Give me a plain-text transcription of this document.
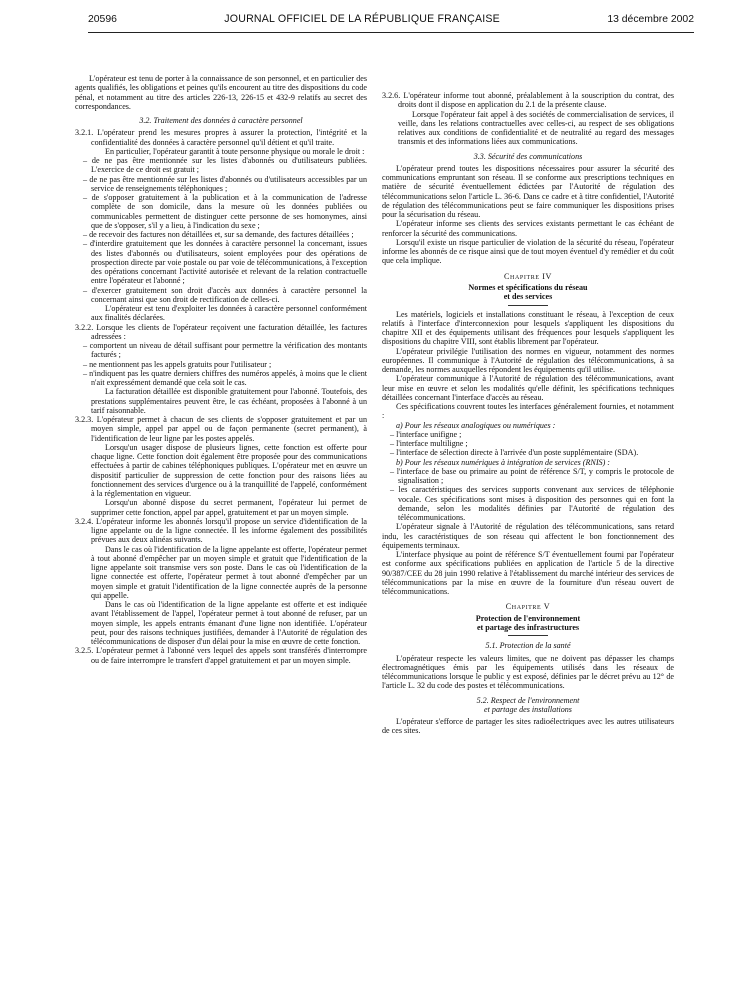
20596	JOURNAL OFFICIEL DE LA RÉPUBLIQUE FRANÇAISE	13 décembre 2002

L'opérateur est tenu de porter à la connaissance de son personnel, et en particulier des agents qualifiés, les obligations et peines qu'ils encourent au titre des dispositions du code pénal, et notamment au titre des articles 226-13, 226-15 et 432-9 relatifs au secret des correspondances.

3.2. Traitement des données à caractère personnel

3.2.1. L'opérateur prend les mesures propres à assurer la protection, l'intégrité et la confidentialité des données à caractère personnel qu'il détient et qu'il traite.

En particulier, l'opérateur garantit à toute personne physique ou morale le droit :

– de ne pas être mentionnée sur les listes d'abonnés ou d'utilisateurs publiées. L'exercice de ce droit est gratuit ;

– de ne pas être mentionnée sur les listes d'abonnés ou d'utilisateurs accessibles par un service de renseignements téléphoniques ;

– de s'opposer gratuitement à la publication et à la communication de l'adresse complète de son domicile, dans la mesure où les données publiées ou communicables permettent de distinguer cette personne de ses homonymes, ainsi que de s'opposer, s'il y a lieu, à l'indication du sexe ;

– de recevoir des factures non détaillées et, sur sa demande, des factures détaillées ;

– d'interdire gratuitement que les données à caractère personnel la concernant, issues des listes d'abonnés ou d'utilisateurs, soient employées pour des opérations de prospection directe par voie postale ou par voie de télécommunications, à l'exception des opérations concernant l'activité autorisée et relevant de la relation contractuelle entre l'opérateur et l'abonné ;

– d'exercer gratuitement son droit d'accès aux données à caractère personnel la concernant ainsi que son droit de rectification de celles-ci.

L'opérateur est tenu d'exploiter les données à caractère personnel conformément aux finalités déclarées.

3.2.2. Lorsque les clients de l'opérateur reçoivent une facturation détaillée, les factures adressées :

– comportent un niveau de détail suffisant pour permettre la vérification des montants facturés ;

– ne mentionnent pas les appels gratuits pour l'utilisateur ;

– n'indiquent pas les quatre derniers chiffres des numéros appelés, à moins que le client n'ait expressément demandé que cela soit le cas.

La facturation détaillée est disponible gratuitement pour l'abonné. Toutefois, des prestations supplémentaires peuvent être, le cas échéant, proposées à l'abonné à un tarif raisonnable.

3.2.3. L'opérateur permet à chacun de ses clients de s'opposer gratuitement et par un moyen simple, appel par appel ou de façon permanente (secret permanent), à l'identification de leur ligne par les postes appelés.

Lorsqu'un usager dispose de plusieurs lignes, cette fonction est offerte pour chaque ligne. Cette fonction doit également être proposée pour des communications effectuées à partir de cabines téléphoniques publiques. L'opérateur met en œuvre un dispositif particulier de suppression de cette fonction pour des raisons liées au fonctionnement des services d'urgence ou à la tranquillité de l'appelé, conformément à la réglementation en vigueur.

Lorsqu'un abonné dispose du secret permanent, l'opérateur lui permet de supprimer cette fonction, appel par appel, gratuitement et par un moyen simple.

3.2.4. L'opérateur informe les abonnés lorsqu'il propose un service d'identification de la ligne appelante ou de la ligne connectée. Il les informe également des possibilités prévues aux deux alinéas suivants.

Dans le cas où l'identification de la ligne appelante est offerte, l'opérateur permet à tout abonné d'empêcher par un moyen simple et gratuit que l'identification de la ligne appelante soit transmise vers son poste. Dans le cas où l'identification de la ligne connectée est offerte, l'opérateur permet à tout abonné d'empêcher par un moyen simple et gratuit l'identification de la ligne connectée auprès de la personne qui appelle.

Dans le cas où l'identification de la ligne appelante est offerte et est indiquée avant l'établissement de l'appel, l'opérateur permet à tout abonné de refuser, par un moyen simple, les appels entrants émanant d'une ligne non identifiée. L'opérateur peut, pour des raisons techniques justifiées, demander à l'Autorité de régulation des télécommunications de disposer d'un délai pour la mise en œuvre de cette fonction.

3.2.5. L'opérateur permet à l'abonné vers lequel des appels sont transférés d'interrompre ou de faire interrompre le transfert d'appel gratuitement et par un moyen simple.

3.2.6. L'opérateur informe tout abonné, préalablement à la souscription du contrat, des droits dont il dispose en application du 2.1 de la présente clause.

Lorsque l'opérateur fait appel à des sociétés de commercialisation de services, il veille, dans les relations contractuelles avec celles-ci, au respect de ses obligations relatives aux conditions de confidentialité et de neutralité au regard des messages transmis et des informations liées aux communications.

3.3. Sécurité des communications

L'opérateur prend toutes les dispositions nécessaires pour assurer la sécurité des communications empruntant son réseau. Il se conforme aux prescriptions techniques en matière de sécurité éventuellement édictées par l'Autorité de régulation des télécommunications selon l'article L. 36-6. Dans ce cadre et à titre confidentiel, l'Autorité de régulation des télécommunications peut se faire communiquer les dispositions prises pour la sécurisation du réseau.

L'opérateur informe ses clients des services existants permettant le cas échéant de renforcer la sécurité des communications.

Lorsqu'il existe un risque particulier de violation de la sécurité du réseau, l'opérateur informe les abonnés de ce risque ainsi que de tout moyen éventuel d'y remédier et du coût que cela implique.

Chapitre IV

Normes et spécifications du réseau
et des services

Les matériels, logiciels et installations constituant le réseau, à l'exception de ceux relatifs à l'interface d'interconnexion pour lesquels s'appliquent les dispositions du chapitre XII et des équipements utilisant des fréquences pour lesquels s'appliquent les dispositions du chapitre VIII, sont établis librement par l'opérateur.

L'opérateur privilégie l'utilisation des normes en vigueur, notamment des normes européennes. Il communique à l'Autorité de régulation des télécommunications, à sa demande, les normes auxquelles répondent les équipements qu'il utilise.

L'opérateur communique à l'Autorité de régulation des télécommunications, avant leur mise en œuvre et selon les modalités qu'elle définit, les spécifications techniques détaillées concernant l'interface d'accès au réseau.

Ces spécifications couvrent toutes les interfaces généralement fournies, et notamment :

a) Pour les réseaux analogiques ou numériques :

– l'interface unifigne ;

– l'interface multiligne ;

– l'interface de sélection directe à l'arrivée d'un poste supplémentaire (SDA).

b) Pour les réseaux numériques à intégration de services (RNIS) :

– l'interface de base ou primaire au point de référence S/T, y compris le protocole de signalisation ;

– les caractéristiques des services supports convenant aux services de téléphonie vocale. Ces spécifications sont mises à disposition des personnes qui en font la demande, selon les modalités définies par l'Autorité de régulation des télécommunications.

L'opérateur signale à l'Autorité de régulation des télécommunications, sans retard indu, les caractéristiques de son réseau qui affectent le bon fonctionnement des équipements terminaux.

L'interface physique au point de référence S/T éventuellement fourni par l'opérateur est conforme aux spécifications publiées en application de l'article 5 de la directive 90/387/CEE du 28 juin 1990 relative à l'établissement du marché intérieur des services de télécommunications par la mise en œuvre de la fourniture d'un réseau ouvert de télécommunications.

Chapitre V

Protection de l'environnement
et partage des infrastructures

5.1. Protection de la santé

L'opérateur respecte les valeurs limites, que ne doivent pas dépasser les champs électromagnétiques émis par les équipements utilisés dans les réseaux de télécommunications lorsque le public y est exposé, définies par le décret prévu au 12° de l'article L. 32 du code des postes et télécommunications.

5.2. Respect de l'environnement
et partage des installations

L'opérateur s'efforce de partager les sites radioélectriques avec les autres utilisateurs de ces sites.
